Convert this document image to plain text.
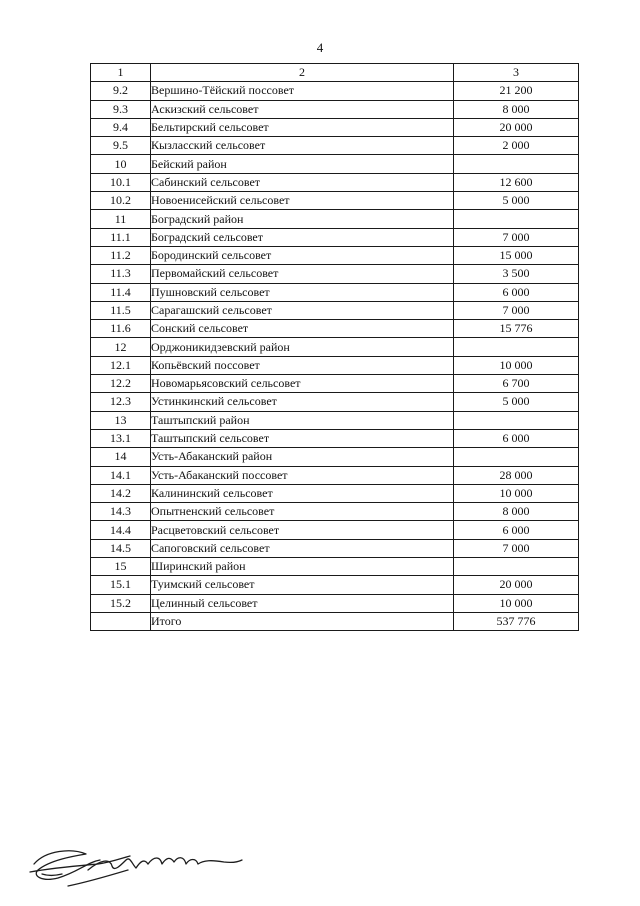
4
1	2	3
9.2	Вершино-Тёйский поссовет	21 200
9.3	Аскизский сельсовет	8 000
9.4	Бельтирский сельсовет	20 000
9.5	Кызласский сельсовет	2 000
10	Бейский район	
10.1	Сабинский сельсовет	12 600
10.2	Новоенисейский сельсовет	5 000
11	Боградский район	
11.1	Боградский сельсовет	7 000
11.2	Бородинский сельсовет	15 000
11.3	Первомайский сельсовет	3 500
11.4	Пушновский сельсовет	6 000
11.5	Сарагашский сельсовет	7 000
11.6	Сонский сельсовет	15 776
12	Орджоникидзевский район	
12.1	Копьёвский поссовет	10 000
12.2	Новомарьясовский сельсовет	6 700
12.3	Устинкинский сельсовет	5 000
13	Таштыпский район	
13.1	Таштыпский сельсовет	6 000
14	Усть-Абаканский район	
14.1	Усть-Абаканский поссовет	28 000
14.2	Калининский сельсовет	10 000
14.3	Опытненский сельсовет	8 000
14.4	Расцветовский сельсовет	6 000
14.5	Сапоговский сельсовет	7 000
15	Ширинский район	
15.1	Туимский сельсовет	20 000
15.2	Целинный сельсовет	10 000
	Итого	537 776
